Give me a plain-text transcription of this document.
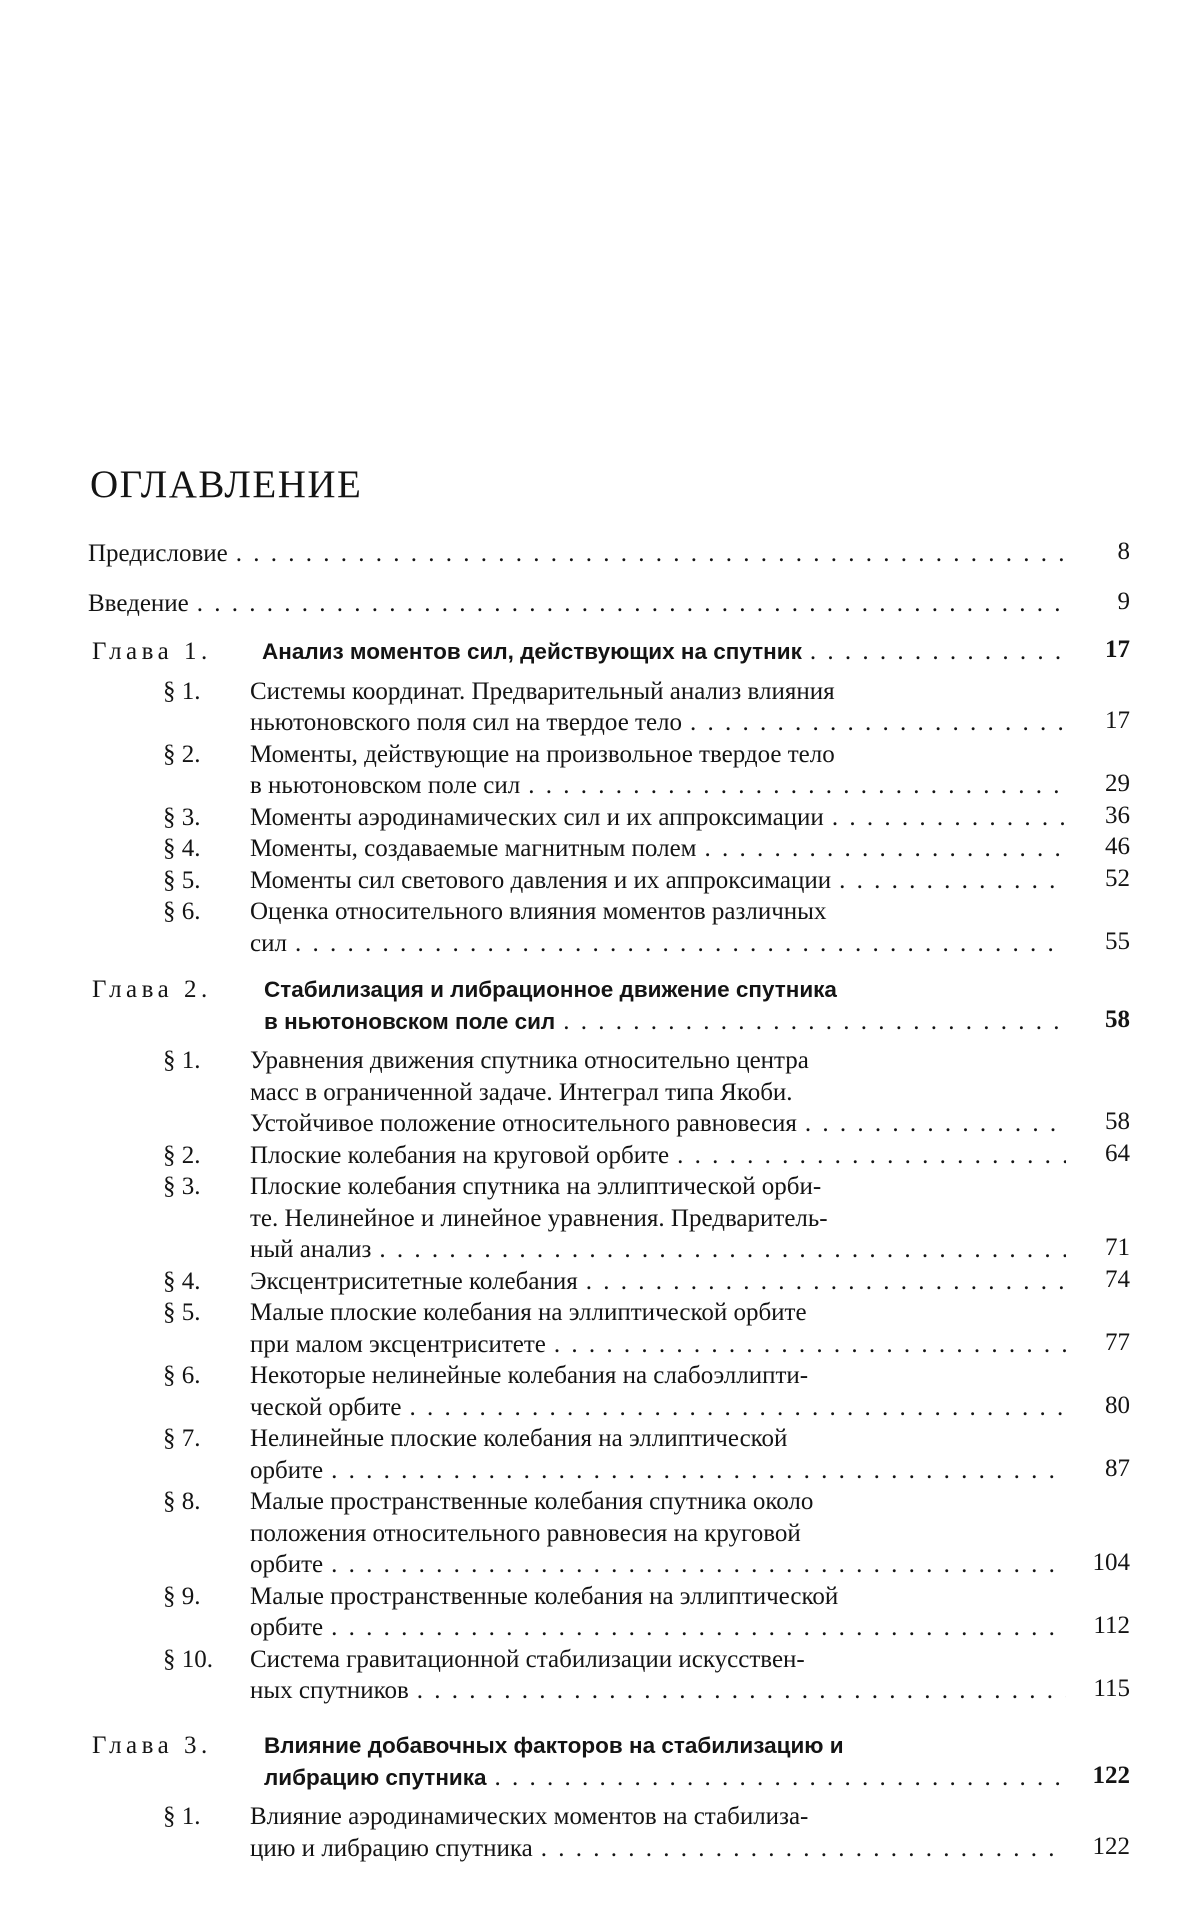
ОГЛАВЛЕНИЕ
Предисловие . . .	8
Введение . . .	9
Глава 1. Анализ моментов сил, действующих на спутник . . .	17
§ 1. Системы координат. Предварительный анализ влияния
ньютоновского поля сил на твердое тело . . .	17
§ 2. Моменты, действующие на произвольное твердое тело
в ньютоновском поле сил . . .	29
§ 3. Моменты аэродинамических сил и их аппроксимации . . .	36
§ 4. Моменты, создаваемые магнитным полем . . .	46
§ 5. Моменты сил светового давления и их аппроксимации . . .	52
§ 6. Оценка относительного влияния моментов различных
сил . . .	55
Глава 2. Стабилизация и либрационное движение спутника
в ньютоновском поле сил . . .	58
§ 1. Уравнения движения спутника относительно центра
масс в ограниченной задаче. Интеграл типа Якоби.
Устойчивое положение относительного равновесия . . .	58
§ 2. Плоские колебания на круговой орбите . . .	64
§ 3. Плоские колебания спутника на эллиптической орби-
те. Нелинейное и линейное уравнения. Предваритель-
ный анализ . . .	71
§ 4. Эксцентриситетные колебания . . .	74
§ 5. Малые плоские колебания на эллиптической орбите
при малом эксцентриситете . . .	77
§ 6. Некоторые нелинейные колебания на слабоэллипти-
ческой орбите . . .	80
§ 7. Нелинейные плоские колебания на эллиптической
орбите . . .	87
§ 8. Малые пространственные колебания спутника около
положения относительного равновесия на круговой
орбите . . .	104
§ 9. Малые пространственные колебания на эллиптической
орбите . . .	112
§ 10. Система гравитационной стабилизации искусствен-
ных спутников . . .	115
Глава 3. Влияние добавочных факторов на стабилизацию и
либрацию спутника . . .	122
§ 1. Влияние аэродинамических моментов на стабилиза-
цию и либрацию спутника . . .	122
